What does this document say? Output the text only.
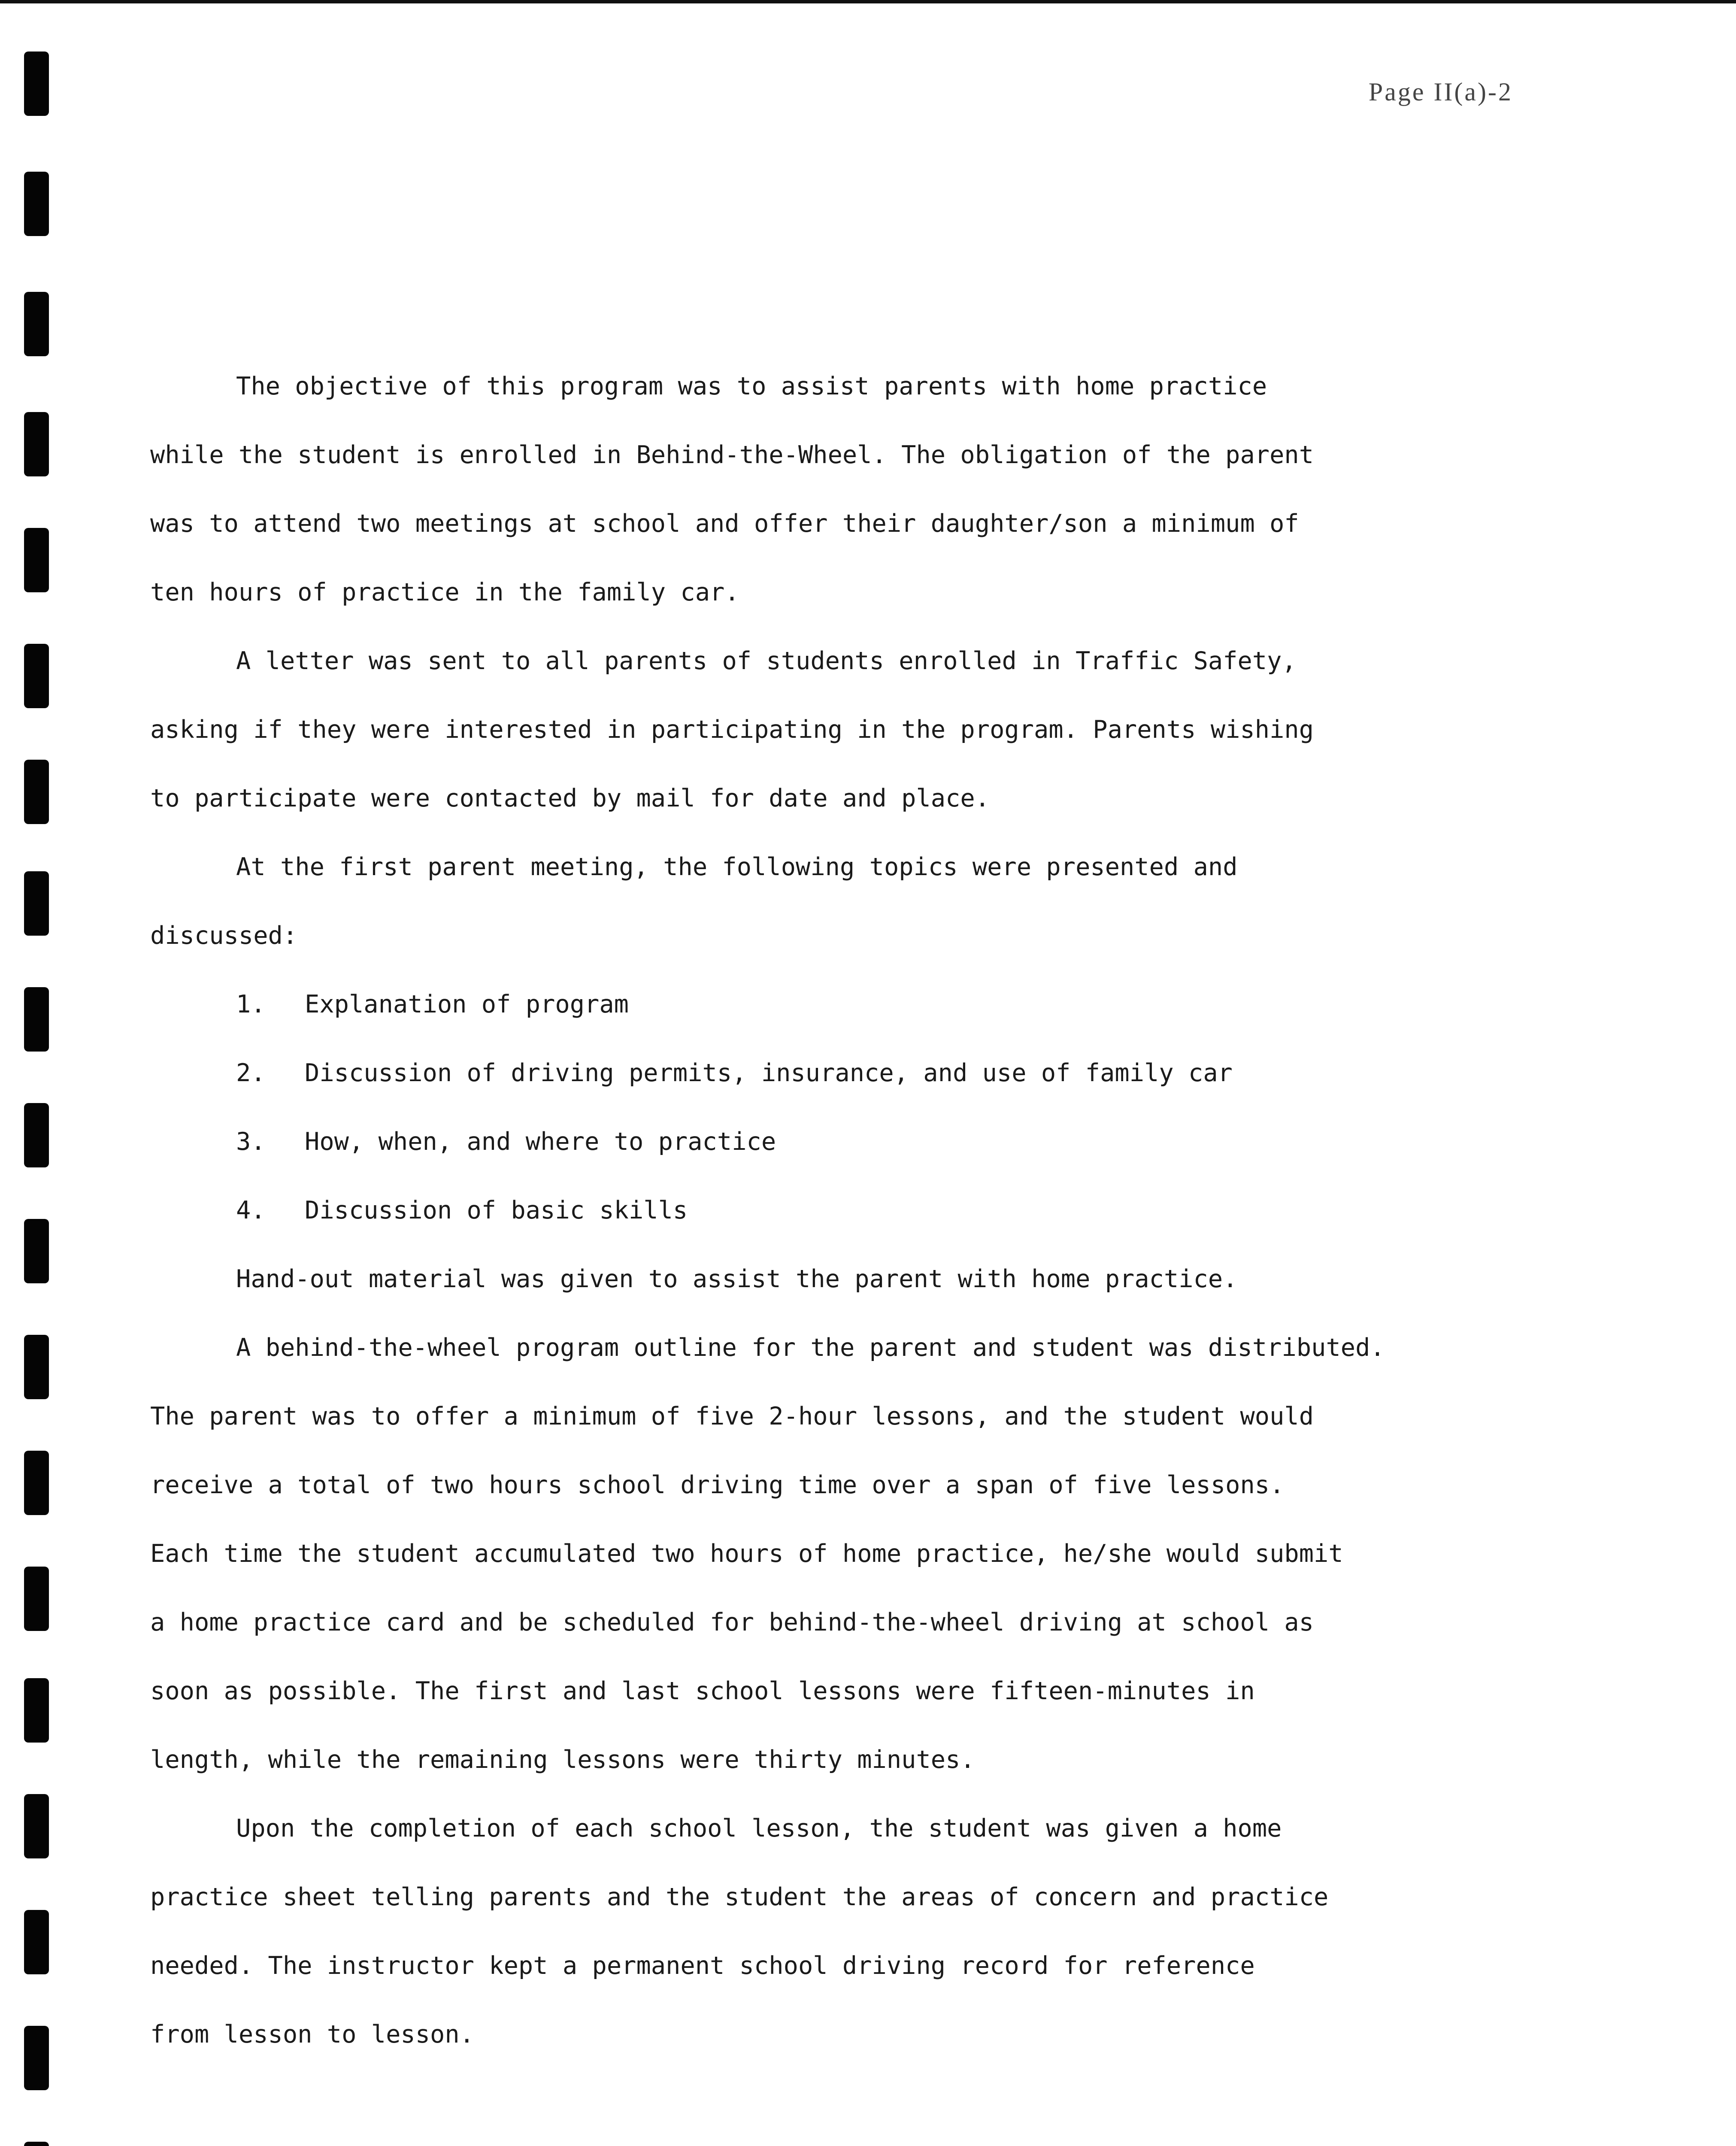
Page II(a)-2
The objective of this program was to assist parents with home practice
while the student is enrolled in Behind-the-Wheel. The obligation of the parent
was to attend two meetings at school and offer their daughter/son a minimum of
ten hours of practice in the family car.
A letter was sent to all parents of students enrolled in Traffic Safety,
asking if they were interested in participating in the program. Parents wishing
to participate were contacted by mail for date and place.
At the first parent meeting, the following topics were presented and
discussed:
1. Explanation of program
2. Discussion of driving permits, insurance, and use of family car
3. How, when, and where to practice
4. Discussion of basic skills
Hand-out material was given to assist the parent with home practice.
A behind-the-wheel program outline for the parent and student was distributed.
The parent was to offer a minimum of five 2-hour lessons, and the student would
receive a total of two hours school driving time over a span of five lessons.
Each time the student accumulated two hours of home practice, he/she would submit
a home practice card and be scheduled for behind-the-wheel driving at school as
soon as possible. The first and last school lessons were fifteen-minutes in
length, while the remaining lessons were thirty minutes.
Upon the completion of each school lesson, the student was given a home
practice sheet telling parents and the student the areas of concern and practice
needed. The instructor kept a permanent school driving record for reference
from lesson to lesson.
